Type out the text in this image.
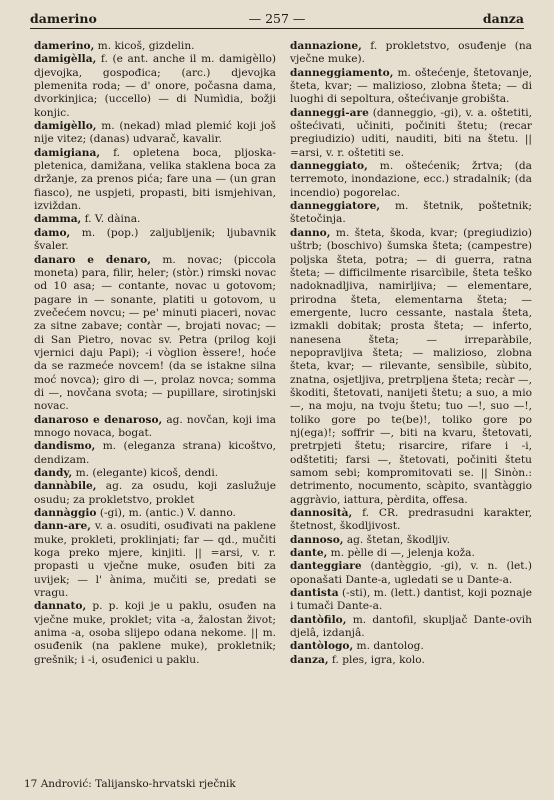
damerino	— 257 —	danza

damerino, m. kicoš, gizdelin.

damigèlla, f. (e ant. anche il m. damigèllo) djevojka, gospođica; (arc.) djevojka plemenita roda; — d' onore, počasna dama, dvorkinjica; (uccello) — di Numìdia, božji konjic.

damigèllo, m. (nekad) mlad plemić koji još nije vitez; (danas) udvarač, kavalir.

damigiana, f. opletena boca, pljoska-pletenica, damižana, velika staklena boca za držanje, za prenos pića; fare una — (un gran fiasco), ne uspjeti, propasti, biti ismjehivan, izviždan.

damma, f. V. dàina.

damo, m. (pop.) zaljubljenik; ljubavnik švaler.

danaro e denaro, m. novac; (piccola moneta) para, filir, heler; (stòr.) rimski novac od 10 asa; — contante, novac u gotovom; pagare in — sonante, platiti u gotovom, u zvečećem novcu; — pe' minuti piaceri, novac za sitne zabave; contàr —, brojati novac; — di San Pietro, novac sv. Petra (prilog koji vjernici daju Papi); -i vòglion èssere!, hoće da se razmeće novcem! (da se istakne silna moć novca); giro di —, prolaz novca; somma di —, novčana svota; — pupillare, sirotinjski novac.

danaroso e denaroso, ag. novčan, koji ima mnogo novaca, bogat.

dandismo, m. (eleganza strana) kicoštvo, dendizam.

dandy, m. (elegante) kicoš, dendi.

dannàbile, ag. za osudu, koji zaslužuje osudu; za prokletstvo, proklet

dannàggio (-gi), m. (antic.) V. danno.

dann-are, v. a. osuditi, osuđivati na paklene muke, prokleti, proklinjati; far — qd., mučiti koga preko mjere, kinjiti. || =arsi, v. r. propasti u vječne muke, osuđen biti za uvijek; — l' ànima, mučiti se, predati se vragu.

dannato, p. p. koji je u paklu, osuđen na vječne muke, proklet; vita -a, žalostan život; anima -a, osoba slijepo odana nekome. || m. osuđenik (na paklene muke), prokletnik; grešnik; i -i, osuđenici u paklu.

dannazione, f. prokletstvo, osuđenje (na vječne muke).

danneggiamento, m. oštećenje, štetovanje, šteta, kvar; — malizioso, zlobna šteta; — di luoghi di sepoltura, oštećivanje grobišta.

danneggi-are (danneggio, -gi), v. a. oštetiti, oštećivati, učiniti, počiniti štetu; (recar pregiudizio) uditi, nauditi, biti na štetu. || =arsi, v. r. oštetiti se.

danneggiato, m. oštećenik; žrtva; (da terremoto, inondazione, ecc.) stradalnik; (da incendio) pogorelac.

danneggiatore, m. štetnik, poštetnik; štetočinja.

danno, m. šteta, škoda, kvar; (pregiudizio) uštrb; (boschivo) šumska šteta; (campestre) poljska šteta, potra; — di guerra, ratna šteta; — difficilmente risarcìbile, šteta teško nadoknadljiva, namirljiva; — elementare, prirodna šteta, elementarna šteta; — emergente, lucro cessante, nastala šteta, izmakli dobitak; prosta šteta; — inferto, nanesena šteta; — irreparàbile, nepopravljiva šteta; — malizioso, zlobna šteta, kvar; — rilevante, sensìbile, sùbito, znatna, osjetljiva, pretrpljena šteta; recàr —, škoditi, štetovati, nanijeti štetu; a suo, a mio —, na moju, na tvoju štetu; tuo —!, suo —!, toliko gore po te(be)!, toliko gore po nj(ega)!; soffrir —, biti na kvaru, štetovati, pretrpjeti štetu; risarcire, rifare i -i, odštetiti; farsi —, štetovati, počiniti štetu samom sebi; kompromitovati se. || Sinòn.: detrimento, nocumento, scàpito, svantàggio aggràvio, iattura, pèrdita, offesa.

dannosità, f. CR. predrasudni karakter, štetnost, škodljivost.

dannoso, ag. štetan, škodljiv.

dante, m. pèlle di —, jelenja koža.

danteggiare (dantèggio, -gi), v. n. (let.) oponašati Dante-a, ugledati se u Dante-a.

dantista (-sti), m. (lett.) dantist, koji poznaje i tumači Dante-a.

dantòfilo, m. dantofil, skupljač Dante-ovih djelâ, izdanjâ.

dantòlogo, m. dantolog.

danza, f. ples, igra, kolo.

17 Andrović: Talijansko-hrvatski rječnik
